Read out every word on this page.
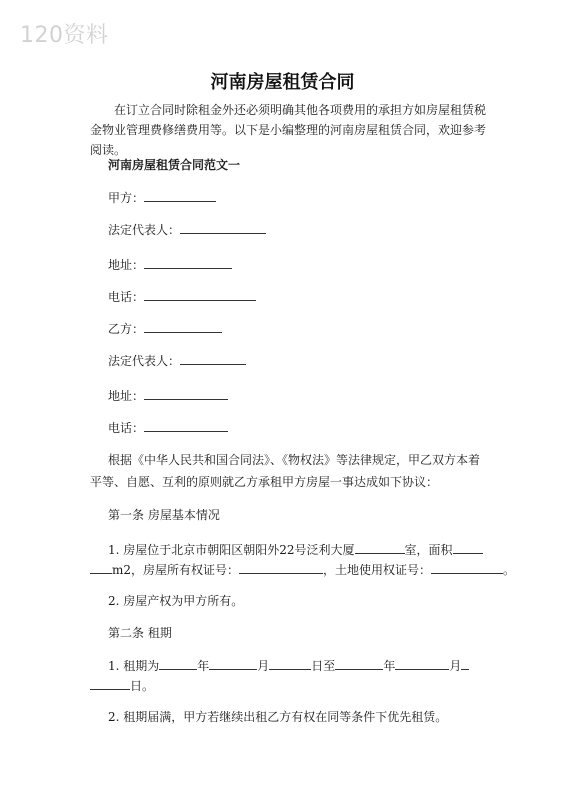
120资料
河南房屋租赁合同
在订立合同时除租金外还必须明确其他各项费用的承担方如房屋租赁税金物业管理费修缮费用等。以下是小编整理的河南房屋租赁合同，欢迎参考阅读。
河南房屋租赁合同范文一
甲方：
法定代表人：
地址：
电话：
乙方：
法定代表人：
地址：
电话：
根据《中华人民共和国合同法》、《物权法》等法律规定，甲乙双方本着平等、自愿、互利的原则就乙方承租甲方房屋一事达成如下协议：
第一条 房屋基本情况
1. 房屋位于北京市朝阳区朝阳外22号泛利大厦	室，面积
m2，房屋所有权证号：	，土地使用权证号：	。
2. 房屋产权为甲方所有。
第二条 租期
1. 租期为	年	月	日至	年	月
日。
2. 租期届满，甲方若继续出租乙方有权在同等条件下优先租赁。
